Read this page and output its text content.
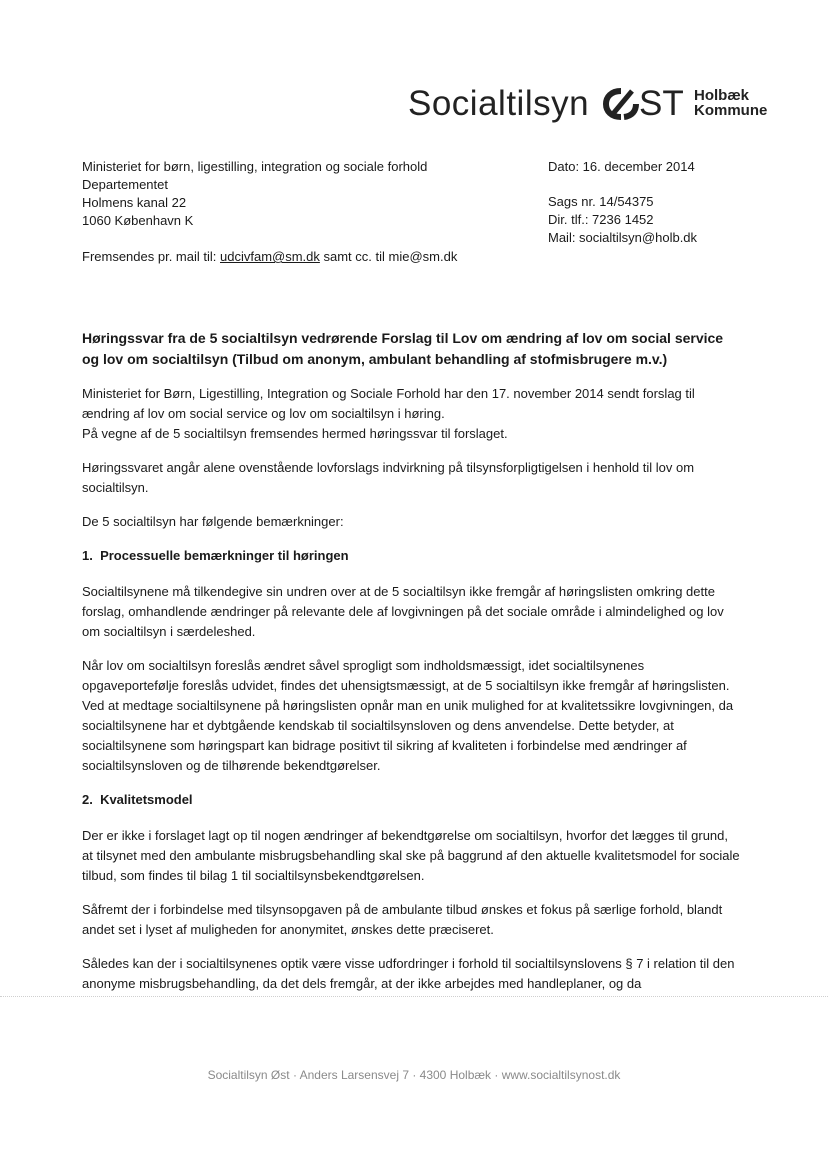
Socialtilsyn ST Holbæk
Kommune
Ministeriet for børn, ligestilling, integration og sociale forhold
Departementet
Holmens kanal 22
1060 København K
Dato: 16. december 2014
Sags nr. 14/54375
Dir. tlf.: 7236 1452
Mail: socialtilsyn@holb.dk
Fremsendes pr. mail til: udcivfam@sm.dk samt cc. til mie@sm.dk
Høringssvar fra de 5 socialtilsyn vedrørende Forslag til Lov om ændring af lov om social service og lov om socialtilsyn (Tilbud om anonym, ambulant behandling af stofmisbrugere m.v.)

Ministeriet for Børn, Ligestilling, Integration og Sociale Forhold har den 17. november 2014 sendt forslag til ændring af lov om social service og lov om socialtilsyn i høring.

På vegne af de 5 socialtilsyn fremsendes hermed høringssvar til forslaget.

Høringssvaret angår alene ovenstående lovforslags indvirkning på tilsynsforpligtigelsen i henhold til lov om socialtilsyn.

De 5 socialtilsyn har følgende bemærkninger:

1.  Processuelle bemærkninger til høringen

Socialtilsynene må tilkendegive sin undren over at de 5 socialtilsyn ikke fremgår af høringslisten omkring dette forslag, omhandlende ændringer på relevante dele af lovgivningen på det sociale område i almindelighed og lov om socialtilsyn i særdeleshed.

Når lov om socialtilsyn foreslås ændret såvel sprogligt som indholdsmæssigt, idet socialtilsynenes opgaveportefølje foreslås udvidet, findes det uhensigtsmæssigt, at de 5 socialtilsyn ikke fremgår af høringslisten.

Ved at medtage socialtilsynene på høringslisten opnår man en unik mulighed for at kvalitetssikre lovgivningen, da socialtilsynene har et dybtgående kendskab til socialtilsynsloven og dens anvendelse. Dette betyder, at socialtilsynene som høringspart kan bidrage positivt til sikring af kvaliteten i forbindelse med ændringer af socialtilsynsloven og de tilhørende bekendtgørelser.

2.  Kvalitetsmodel

Der er ikke i forslaget lagt op til nogen ændringer af bekendtgørelse om socialtilsyn, hvorfor det lægges til grund, at tilsynet med den ambulante misbrugsbehandling skal ske på baggrund af den aktuelle kvalitetsmodel for sociale tilbud, som findes til bilag 1 til socialtilsynsbekendtgørelsen.

Såfremt der i forbindelse med tilsynsopgaven på de ambulante tilbud ønskes et fokus på særlige forhold, blandt andet set i lyset af muligheden for anonymitet, ønskes dette præciseret.

Således kan der i socialtilsynenes optik være visse udfordringer i forhold til socialtilsynslovens § 7 i relation til den anonyme misbrugsbehandling, da det dels fremgår, at der ikke arbejdes med handleplaner, og da

Socialtilsyn Øst · Anders Larsensvej 7 · 4300 Holbæk · www.socialtilsynost.dk
